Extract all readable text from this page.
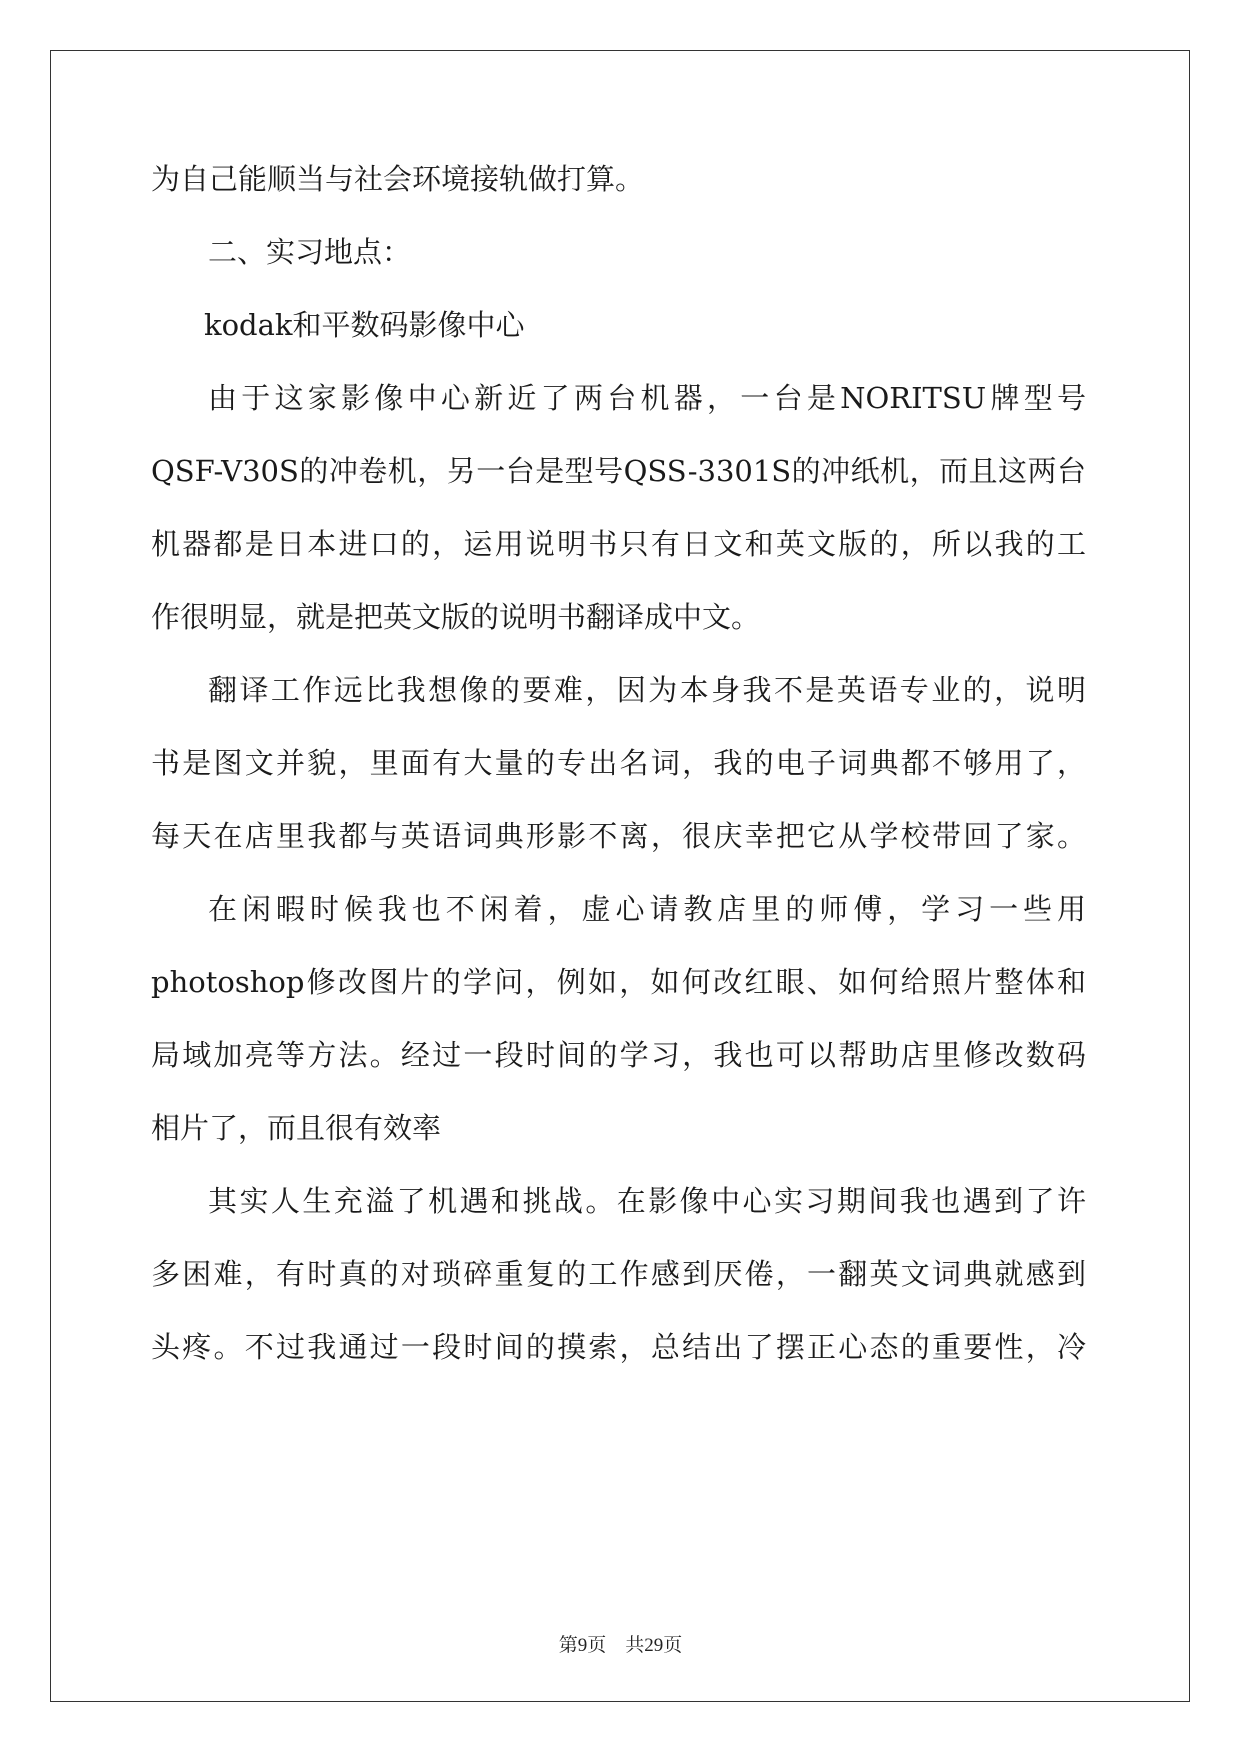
为自己能顺当与社会环境接轨做打算。
二、实习地点：
kodak和平数码影像中心
由于这家影像中心新近了两台机器，一台是NORITSU牌型号
QSF-V30S的冲卷机，另一台是型号QSS-3301S的冲纸机，而且这两台
机器都是日本进口的，运用说明书只有日文和英文版的，所以我的工
作很明显，就是把英文版的说明书翻译成中文。
翻译工作远比我想像的要难，因为本身我不是英语专业的，说明
书是图文并貌，里面有大量的专出名词，我的电子词典都不够用了，
每天在店里我都与英语词典形影不离，很庆幸把它从学校带回了家。
在闲暇时候我也不闲着，虚心请教店里的师傅，学习一些用
photoshop修改图片的学问，例如，如何改红眼、如何给照片整体和
局域加亮等方法。经过一段时间的学习，我也可以帮助店里修改数码
相片了，而且很有效率
其实人生充溢了机遇和挑战。在影像中心实习期间我也遇到了许
多困难，有时真的对琐碎重复的工作感到厌倦，一翻英文词典就感到
头疼。不过我通过一段时间的摸索，总结出了摆正心态的重要性，冷
第9页　共29页
